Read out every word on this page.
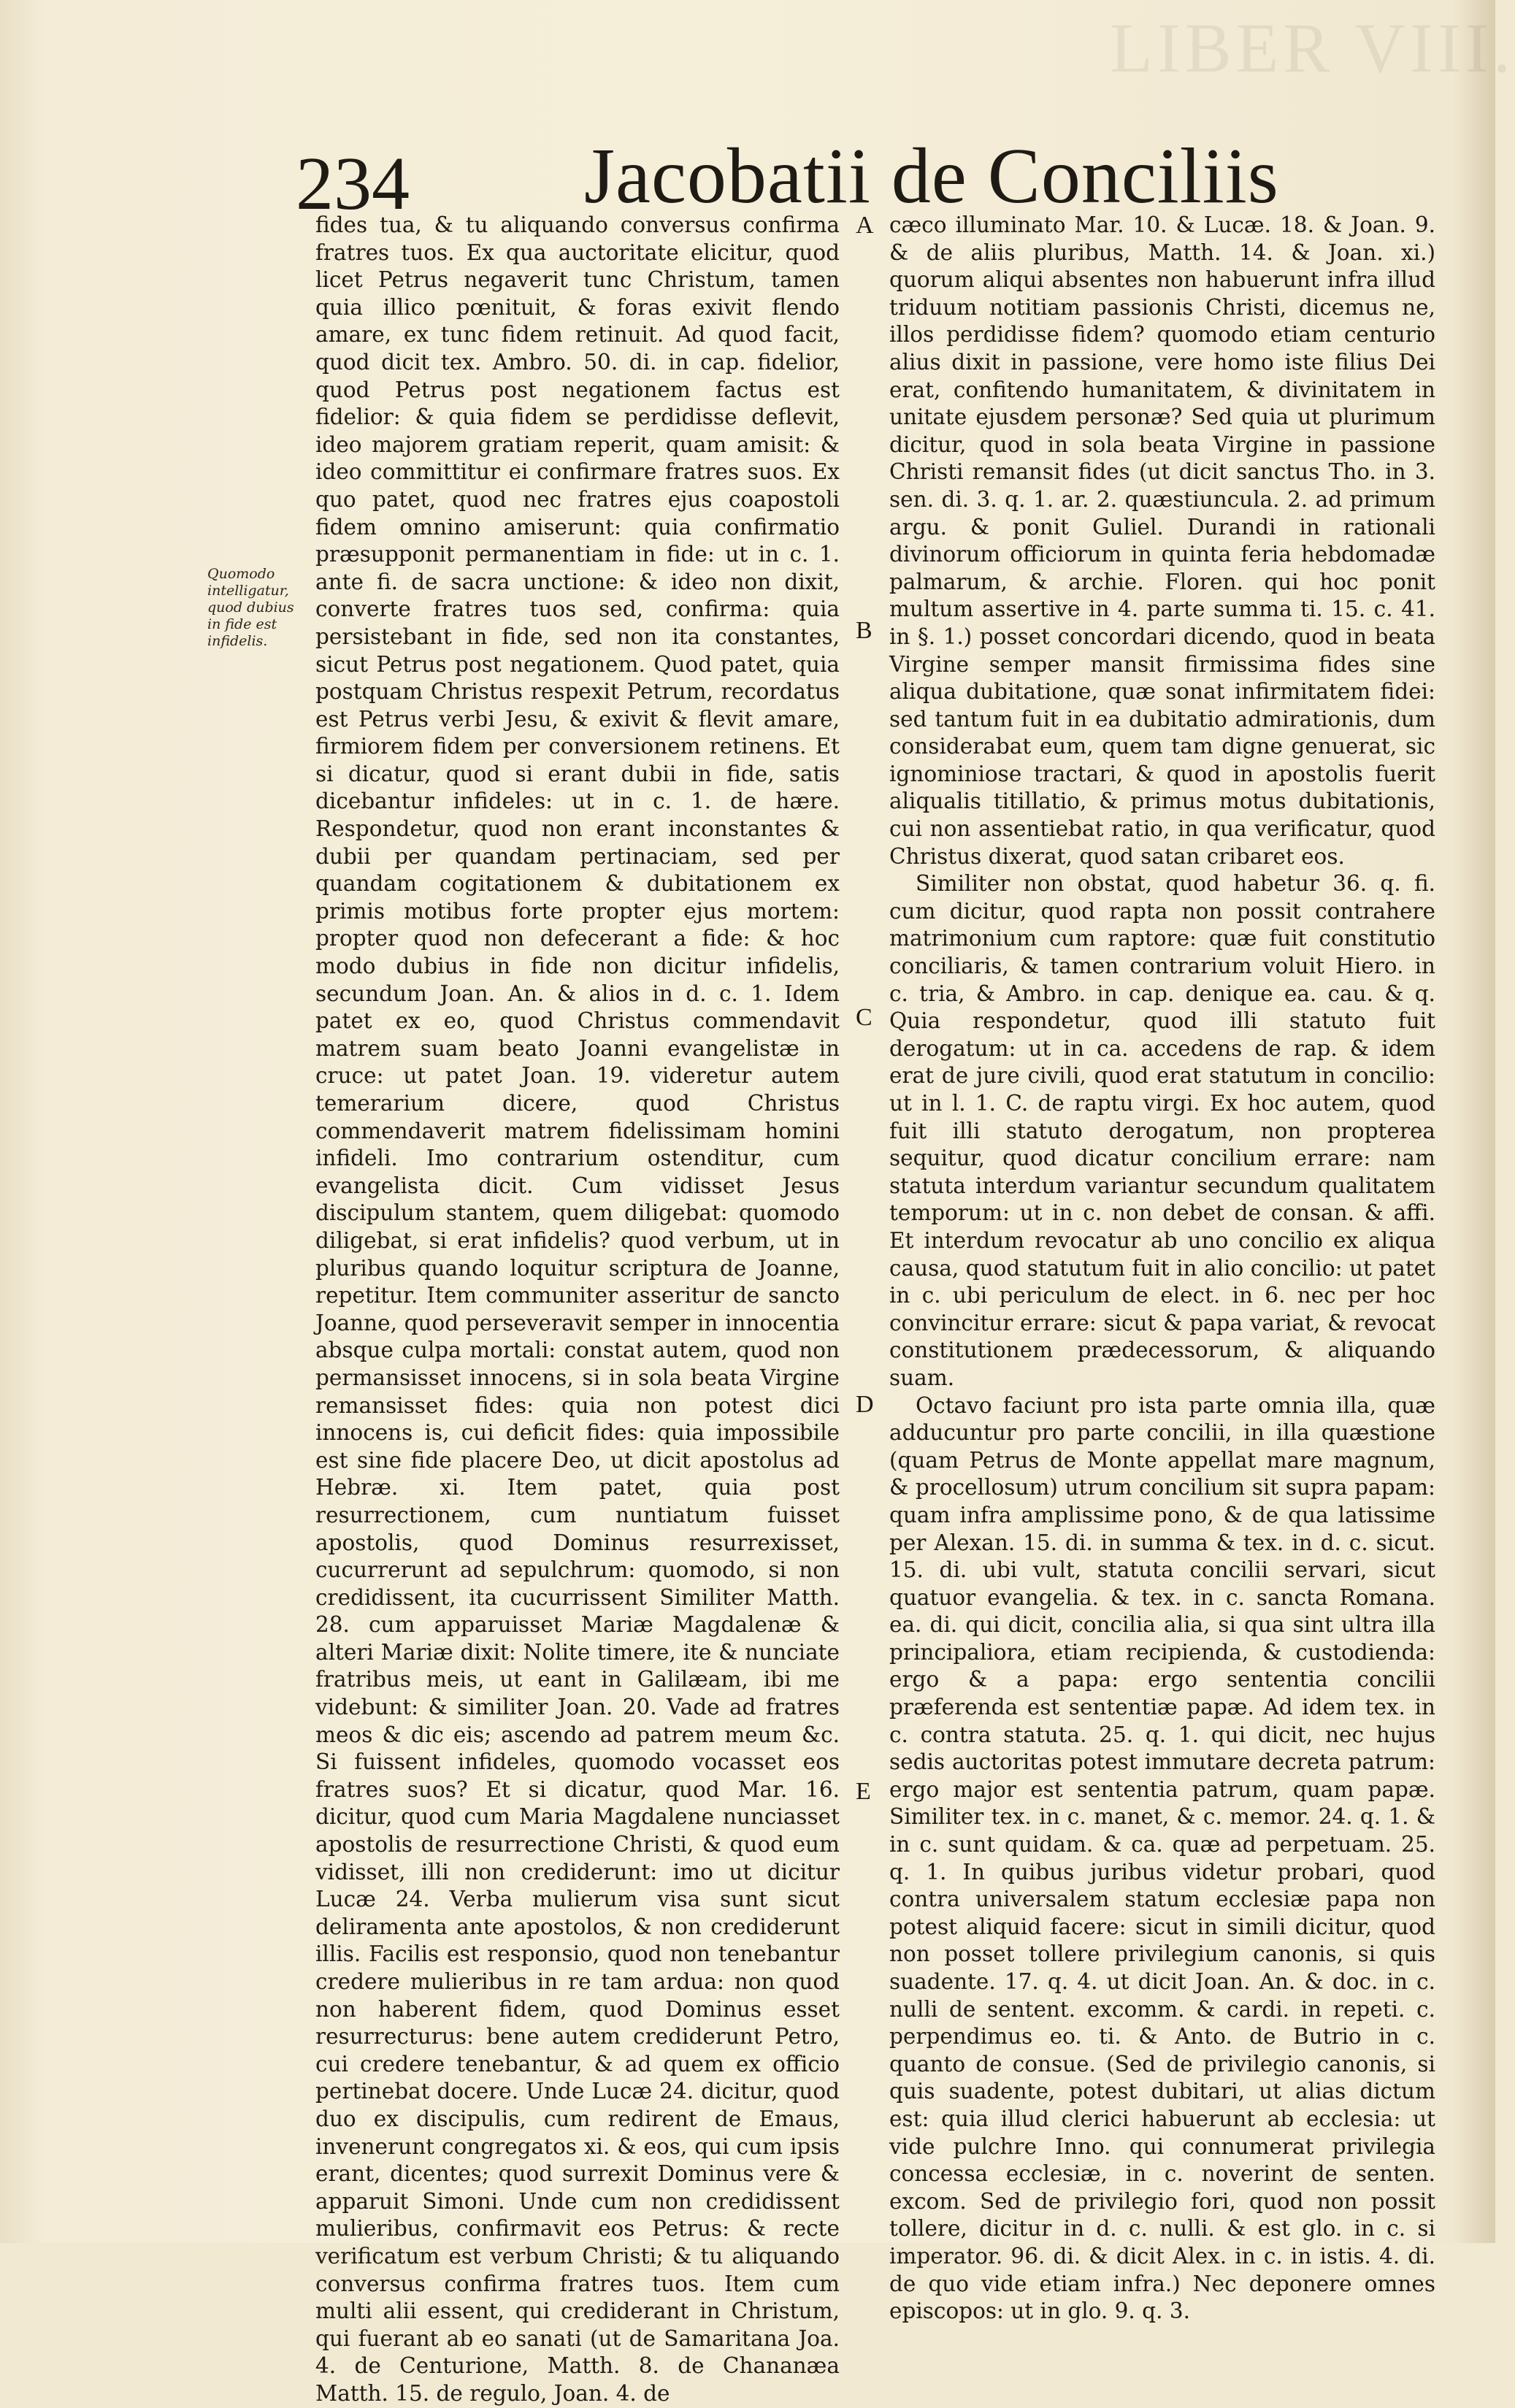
LIBER VIII.
234 Jacobatii de Conciliis
Quomodo
intelligatur,
quod dubius
in fide est
infidelis.

fides tua, & tu aliquando conversus confirma fratres tuos. Ex qua auctoritate elicitur, quod licet Petrus negaverit tunc Christum, tamen quia illico pœnituit, & foras exivit flendo amare, ex tunc fidem retinuit. Ad quod facit, quod dicit tex. Ambro. 50. di. in cap. fidelior, quod Petrus post negationem factus est fidelior: & quia fidem se perdidisse deflevit, ideo majorem gratiam reperit, quam amisit: & ideo committitur ei confirmare fratres suos. Ex quo patet, quod nec fratres ejus coapostoli fidem omnino amiserunt: quia confirmatio præsupponit permanentiam in fide: ut in c. 1. ante fi. de sacra unctione: & ideo non dixit, converte fratres tuos sed, confirma: quia persistebant in fide, sed non ita constantes, sicut Petrus post negationem. Quod patet, quia postquam Christus respexit Petrum, recordatus est Petrus verbi Jesu, & exivit & flevit amare, firmiorem fidem per conversionem retinens. Et si dicatur, quod si erant dubii in fide, satis dicebantur infideles: ut in c. 1. de hære. Respondetur, quod non erant inconstantes & dubii per quandam pertinaciam, sed per quandam cogitationem & dubitationem ex primis motibus forte propter ejus mortem: propter quod non defecerant a fide: & hoc modo dubius in fide non dicitur infidelis, secundum Joan. An. & alios in d. c. 1. Idem patet ex eo, quod Christus commendavit matrem suam beato Joanni evangelistæ in cruce: ut patet Joan. 19. videretur autem temerarium dicere, quod Christus commendaverit matrem fidelissimam homini infideli. Imo contrarium ostenditur, cum evangelista dicit. Cum vidisset Jesus discipulum stantem, quem diligebat: quomodo diligebat, si erat infidelis? quod verbum, ut in pluribus quando loquitur scriptura de Joanne, repetitur. Item communiter asseritur de sancto Joanne, quod perseveravit semper in innocentia absque culpa mortali: constat autem, quod non permansisset innocens, si in sola beata Virgine remansisset fides: quia non potest dici innocens is, cui deficit fides: quia impossibile est sine fide placere Deo, ut dicit apostolus ad Hebræ. xi. Item patet, quia post resurrectionem, cum nuntiatum fuisset apostolis, quod Dominus resurrexisset, cucurrerunt ad sepulchrum: quomodo, si non credidissent, ita cucurrissent Similiter Matth. 28. cum apparuisset Mariæ Magdalenæ & alteri Mariæ dixit: Nolite timere, ite & nunciate fratribus meis, ut eant in Galilæam, ibi me videbunt: & similiter Joan. 20. Vade ad fratres meos & dic eis; ascendo ad patrem meum &c. Si fuissent infideles, quomodo vocasset eos fratres suos? Et si dicatur, quod Mar. 16. dicitur, quod cum Maria Magdalene nunciasset apostolis de resurrectione Christi, & quod eum vidisset, illi non crediderunt: imo ut dicitur Lucæ 24. Verba mulierum visa sunt sicut deliramenta ante apostolos, & non crediderunt illis. Facilis est responsio, quod non tenebantur credere mulieribus in re tam ardua: non quod non haberent fidem, quod Dominus esset resurrecturus: bene autem crediderunt Petro, cui credere tenebantur, & ad quem ex officio pertinebat docere. Unde Lucæ 24. dicitur, quod duo ex discipulis, cum redirent de Emaus, invenerunt congregatos xi. & eos, qui cum ipsis erant, dicentes; quod surrexit Dominus vere & apparuit Simoni. Unde cum non credidissent mulieribus, confirmavit eos Petrus: & recte verificatum est verbum Christi; & tu aliquando conversus confirma fratres tuos. Item cum multi alii essent, qui crediderant in Christum, qui fuerant ab eo sanati (ut de Samaritana Joa. 4. de Centurione, Matth. 8. de Chananæa Matth. 15. de regulo, Joan. 4. de

A
B
C
D
E

cæco illuminato Mar. 10. & Lucæ. 18. & Joan. 9. & de aliis pluribus, Matth. 14. & Joan. xi.) quorum aliqui absentes non habuerunt infra illud triduum notitiam passionis Christi, dicemus ne, illos perdidisse fidem? quomodo etiam centurio alius dixit in passione, vere homo iste filius Dei erat, confitendo humanitatem, & divinitatem in unitate ejusdem personæ? Sed quia ut plurimum dicitur, quod in sola beata Virgine in passione Christi remansit fides (ut dicit sanctus Tho. in 3. sen. di. 3. q. 1. ar. 2. quæstiuncula. 2. ad primum argu. & ponit Guliel. Durandi in rationali divinorum officiorum in quinta feria hebdomadæ palmarum, & archie. Floren. qui hoc ponit multum assertive in 4. parte summa ti. 15. c. 41. in §. 1.) posset concordari dicendo, quod in beata Virgine semper mansit firmissima fides sine aliqua dubitatione, quæ sonat infirmitatem fidei: sed tantum fuit in ea dubitatio admirationis, dum considerabat eum, quem tam digne genuerat, sic ignominiose tractari, & quod in apostolis fuerit aliqualis titillatio, & primus motus dubitationis, cui non assentiebat ratio, in qua verificatur, quod Christus dixerat, quod satan cribaret eos.

Similiter non obstat, quod habetur 36. q. fi. cum dicitur, quod rapta non possit contrahere matrimonium cum raptore: quæ fuit constitutio conciliaris, & tamen contrarium voluit Hiero. in c. tria, & Ambro. in cap. denique ea. cau. & q. Quia respondetur, quod illi statuto fuit derogatum: ut in ca. accedens de rap. & idem erat de jure civili, quod erat statutum in concilio: ut in l. 1. C. de raptu virgi. Ex hoc autem, quod fuit illi statuto derogatum, non propterea sequitur, quod dicatur concilium errare: nam statuta interdum variantur secundum qualitatem temporum: ut in c. non debet de consan. & affi. Et interdum revocatur ab uno concilio ex aliqua causa, quod statutum fuit in alio concilio: ut patet in c. ubi periculum de elect. in 6. nec per hoc convincitur errare: sicut & papa variat, & revocat constitutionem prædecessorum, & aliquando suam.

Octavo faciunt pro ista parte omnia illa, quæ adducuntur pro parte concilii, in illa quæstione (quam Petrus de Monte appellat mare magnum, & procellosum) utrum concilium sit supra papam: quam infra amplissime pono, & de qua latissime per Alexan. 15. di. in summa & tex. in d. c. sicut. 15. di. ubi vult, statuta concilii servari, sicut quatuor evangelia. & tex. in c. sancta Romana. ea. di. qui dicit, concilia alia, si qua sint ultra illa principaliora, etiam recipienda, & custodienda: ergo & a papa: ergo sententia concilii præferenda est sententiæ papæ. Ad idem tex. in c. contra statuta. 25. q. 1. qui dicit, nec hujus sedis auctoritas potest immutare decreta patrum: ergo major est sententia patrum, quam papæ. Similiter tex. in c. manet, & c. memor. 24. q. 1. & in c. sunt quidam. & ca. quæ ad perpetuam. 25. q. 1. In quibus juribus videtur probari, quod contra universalem statum ecclesiæ papa non potest aliquid facere: sicut in simili dicitur, quod non posset tollere privilegium canonis, si quis suadente. 17. q. 4. ut dicit Joan. An. & doc. in c. nulli de sentent. excomm. & cardi. in repeti. c. perpendimus eo. ti. & Anto. de Butrio in c. quanto de consue. (Sed de privilegio canonis, si quis suadente, potest dubitari, ut alias dictum est: quia illud clerici habuerunt ab ecclesia: ut vide pulchre Inno. qui connumerat privilegia concessa ecclesiæ, in c. noverint de senten. excom. Sed de privilegio fori, quod non possit tollere, dicitur in d. c. nulli. & est glo. in c. si imperator. 96. di. & dicit Alex. in c. in istis. 4. di. de quo vide etiam infra.) Nec deponere omnes episcopos: ut in glo. 9. q. 3.
